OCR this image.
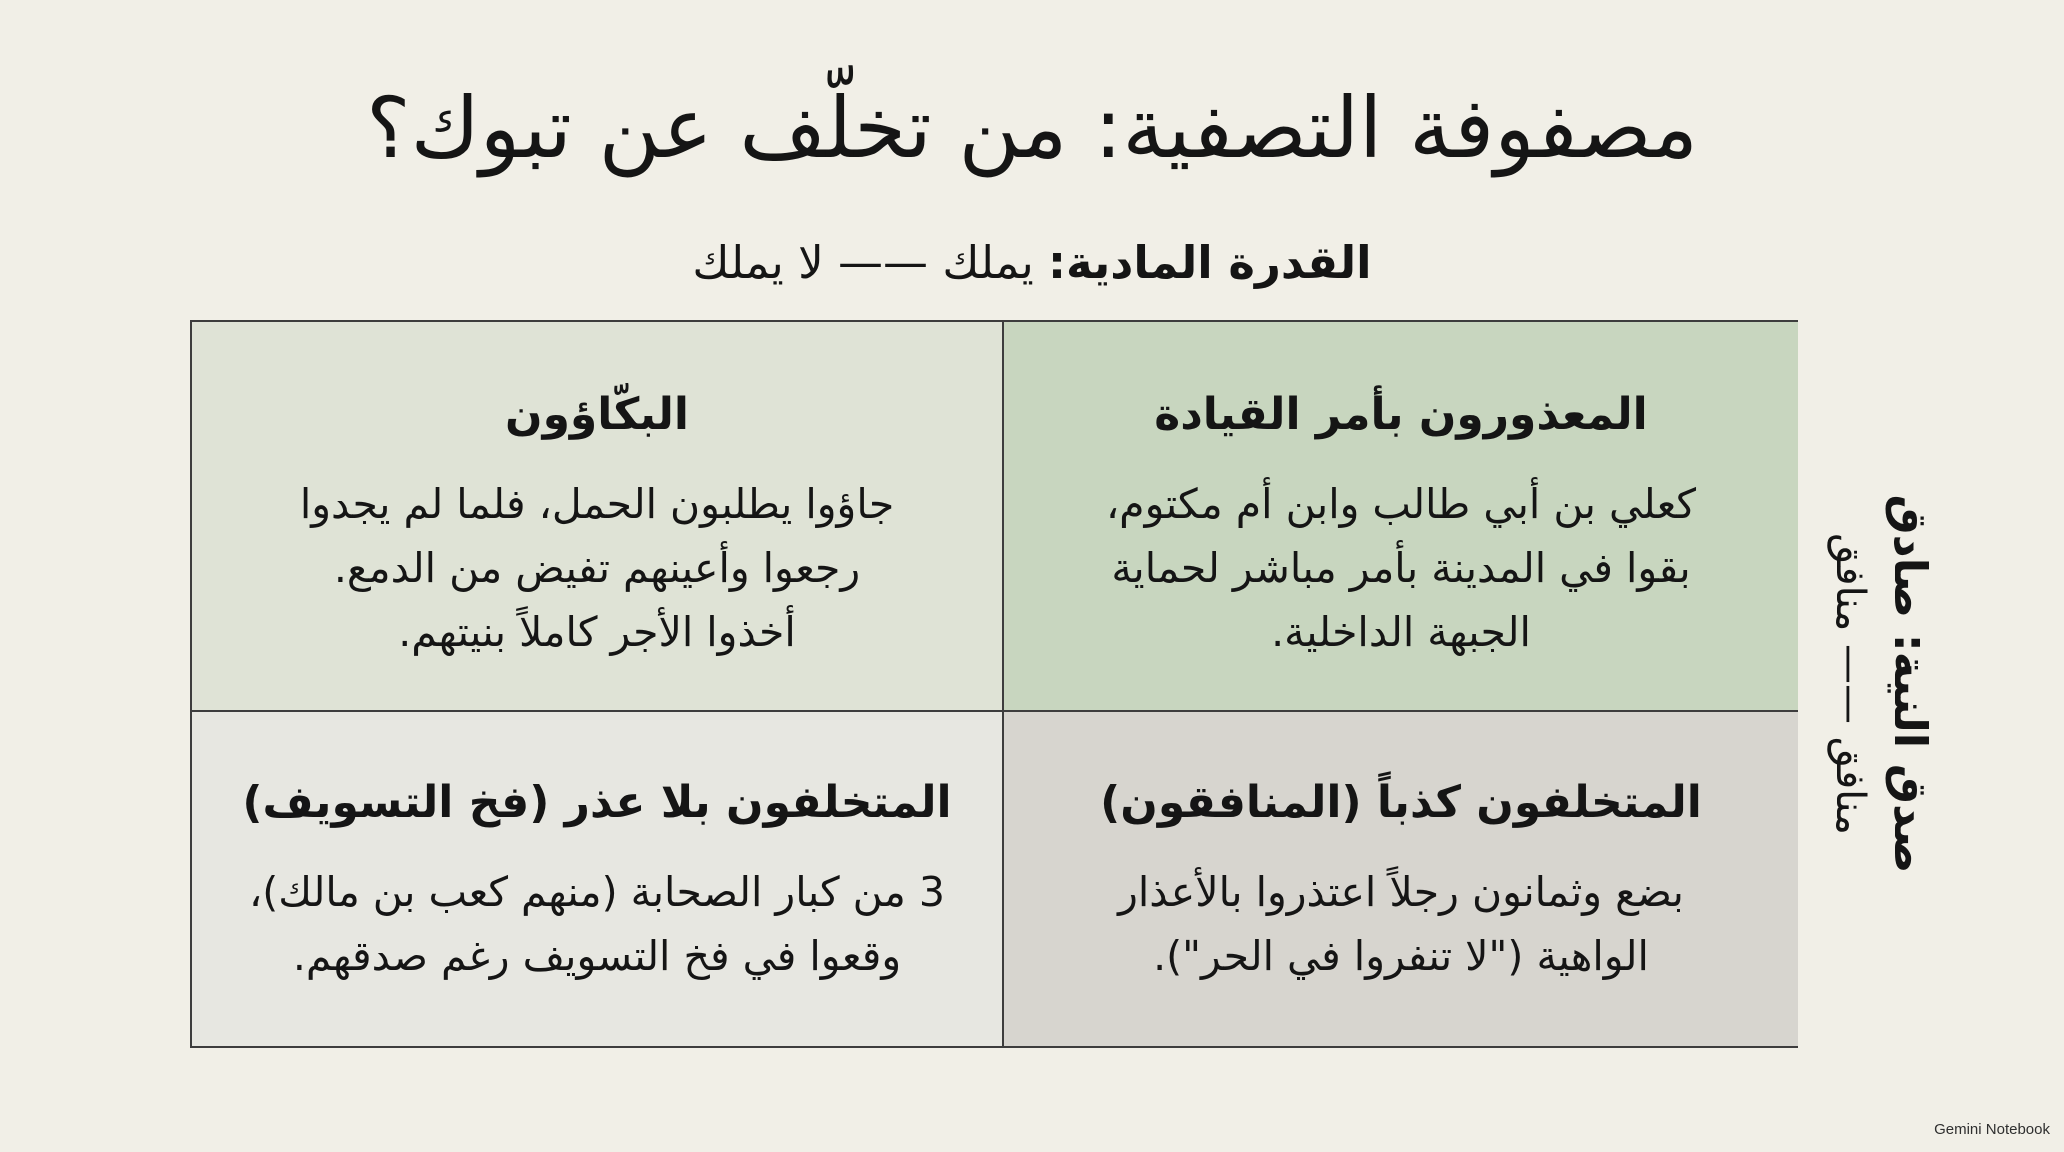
مصفوفة التصفية: من تخلّف عن تبوك؟
القدرة المادية: يملك —— لا يملك
البكّاؤون
جاؤوا يطلبون الحمل، فلما لم يجدوا
رجعوا وأعينهم تفيض من الدمع.
أخذوا الأجر كاملاً بنيتهم.
المعذورون بأمر القيادة
كعلي بن أبي طالب وابن أم مكتوم،
بقوا في المدينة بأمر مباشر لحماية
الجبهة الداخلية.
المتخلفون بلا عذر (فخ التسويف)
3 من كبار الصحابة (منهم كعب بن مالك)،
وقعوا في فخ التسويف رغم صدقهم.
المتخلفون كذباً (المنافقون)
بضع وثمانون رجلاً اعتذروا بالأعذار
الواهية ("لا تنفروا في الحر").
صدق النية: صادق
منافق —— منافق
Gemini Notebook
